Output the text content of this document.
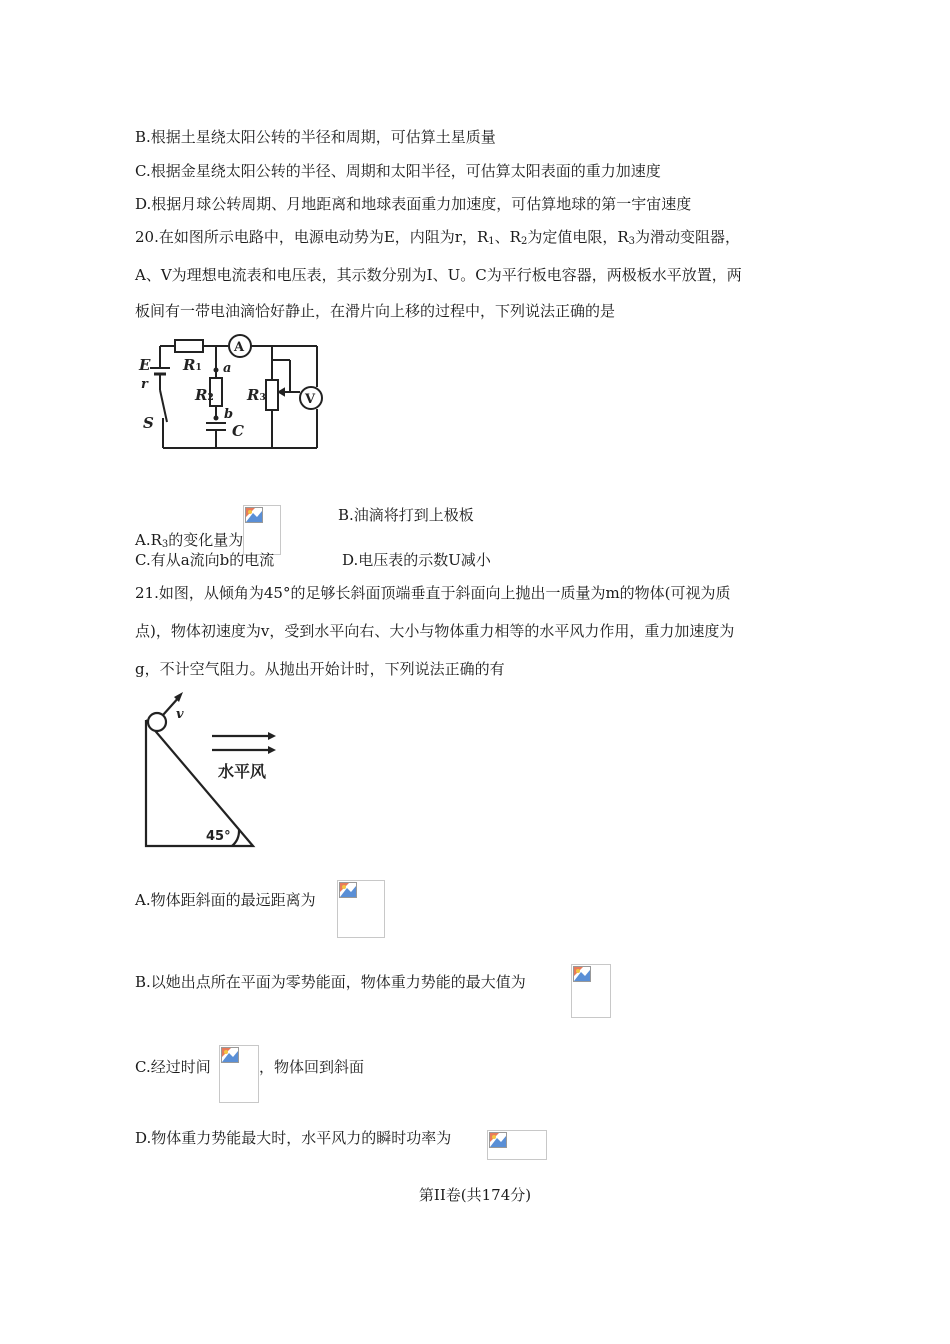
B.根据土星绕太阳公转的半径和周期，可估算土星质量
C.根据金星绕太阳公转的半径、周期和太阳半径，可估算太阳表面的重力加速度
D.根据月球公转周期、月地距离和地球表面重力加速度，可估算地球的第一宇宙速度
20.在如图所示电路中，电源电动势为E，内阻为r，$R_1$、$R_2$为定值电限，$R_3$为滑动变阻器，
A、V为理想电流表和电压表，其示数分别为I、U。C为平行板电容器，两极板水平放置，两
板间有一带电油滴恰好静止，在滑片向上移的过程中，下列说法正确的是
E
r
S
R1 a
R2
b
C
R3
A
V
$A.R_3$的变化量为
B.油滴将打到上极板
C.有从a流向b的电流	D.电压表的示数U减小
21.如图，从倾角为45°的足够长斜面顶端垂直于斜面向上抛出一质量为m的物体(可视为质
点)，物体初速度为v，受到水平向右、大小与物体重力相等的水平风力作用，重力加速度为
g，不计空气阻力。从抛出开始计时，下列说法正确的有
v
水平风
45°
A.物体距斜面的最远距离为
B.以她出点所在平面为零势能面，物体重力势能的最大值为
C.经过时间	，物体回到斜面
D.物体重力势能最大时，水平风力的瞬时功率为
第II卷(共174分)
